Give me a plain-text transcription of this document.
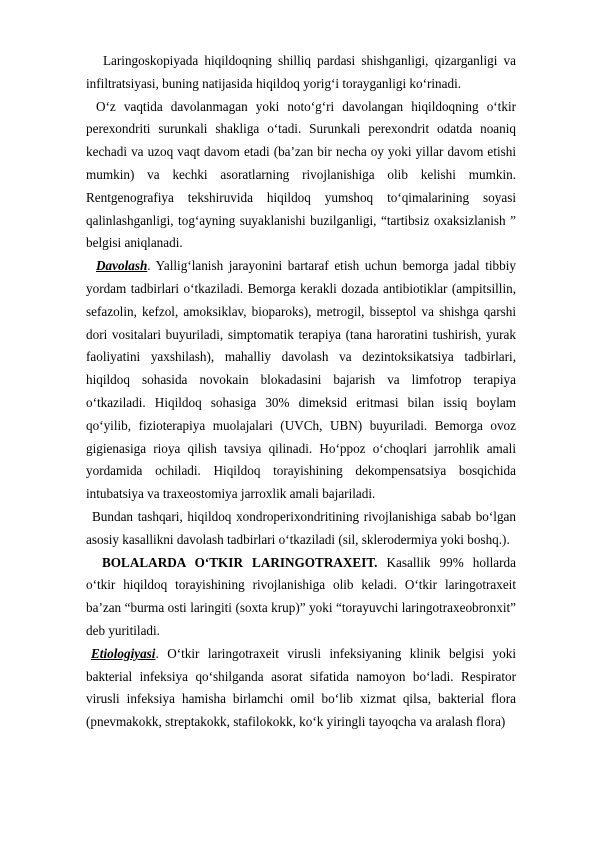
Laringoskopiyada hiqildoqning shilliq pardasi shishganligi, qizarganligi va infiltratsiyasi, buning natijasida hiqildoq yorig‘i torayganligi ko‘rinadi.

O‘z vaqtida davolanmagan yoki noto‘g‘ri davolangan hiqildoqning o‘tkir perexondriti surunkali shakliga o‘tadi. Surunkali perexondrit odatda noaniq kechadi va uzoq vaqt davom etadi (ba’zan bir necha oy yoki yillar davom etishi mumkin) va kechki asoratlarning rivojlanishiga olib kelishi mumkin. Rentgenografiya tekshiruvida hiqildoq yumshoq to‘qimalarining soyasi qalinlashganligi, tog‘ayning suyaklanishi buzilganligi, “tartibsiz oxaksizlanish ” belgisi aniqlanadi.

Davolash. Yallig‘lanish jarayonini bartaraf etish uchun bemorga jadal tibbiy yordam tadbirlari o‘tkaziladi. Bemorga kerakli dozada antibiotiklar (ampitsillin, sefazolin, kefzol, amoksiklav, bioparoks), metrogil, bisseptol va shishga qarshi dori vositalari buyuriladi, simptomatik terapiya (tana haroratini tushirish, yurak faoliyatini yaxshilash), mahalliy davolash va dezintoksikatsiya tadbirlari, hiqildoq sohasida novokain blokadasini bajarish va limfotrop terapiya o‘tkaziladi. Hiqildoq sohasiga 30% dimeksid eritmasi bilan issiq boylam qo‘yilib, fizioterapiya muolajalari (UVCh, UBN) buyuriladi. Bemorga ovoz gigienasiga rioya qilish tavsiya qilinadi. Ho‘ppoz o‘choqlari jarrohlik amali yordamida ochiladi. Hiqildoq torayishining dekompensatsiya bosqichida intubatsiya va traxeostomiya jarroxlik amali bajariladi.

Bundan tashqari, hiqildoq xondroperixondritining rivojlanishiga sabab bo‘lgan asosiy kasallikni davolash tadbirlari o‘tkaziladi (sil, sklerodermiya yoki boshq.).

BOLALARDA O‘TKIR LARINGOTRAXEIT. Kasallik 99% hollarda o‘tkir hiqildoq torayishining rivojlanishiga olib keladi. O‘tkir laringotraxeit ba’zan “burma osti laringiti (soxta krup)” yoki “torayuvchi laringotraxeobronxit” deb yuritiladi.

Etiologiyasi. O‘tkir laringotraxeit virusli infeksiyaning klinik belgisi yoki bakterial infeksiya qo‘shilganda asorat sifatida namoyon bo‘ladi. Respirator virusli infeksiya hamisha birlamchi omil bo‘lib xizmat qilsa, bakterial flora (pnevmakokk, streptakokk, stafilokokk, ko‘k yiringli tayoqcha va aralash flora)
